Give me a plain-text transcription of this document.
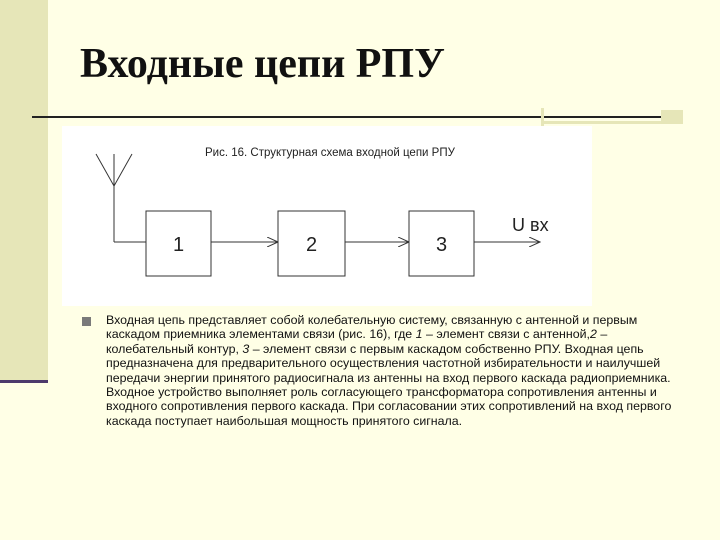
Входные цепи РПУ
Рис. 16. Структурная схема входной цепи РПУ
1	2	3
U вх

Входная цепь представляет собой колебательную систему, связанную с антенной и первым каскадом приемника элементами связи (рис. 16), где 1 – элемент связи с антенной,2 – колебательный контур, 3 – элемент связи с первым каскадом собственно РПУ. Входная цепь предназначена для предварительного осуществления частотной избирательности и наилучшей передачи энергии принятого радиосигнала из антенны на вход первого каскада радиоприемника. Входное устройство выполняет роль согласующего трансформатора сопротивления антенны и входного сопротивления первого каскада. При согласовании этих сопротивлений на вход первого каскада поступает наибольшая мощность принятого сигнала.
